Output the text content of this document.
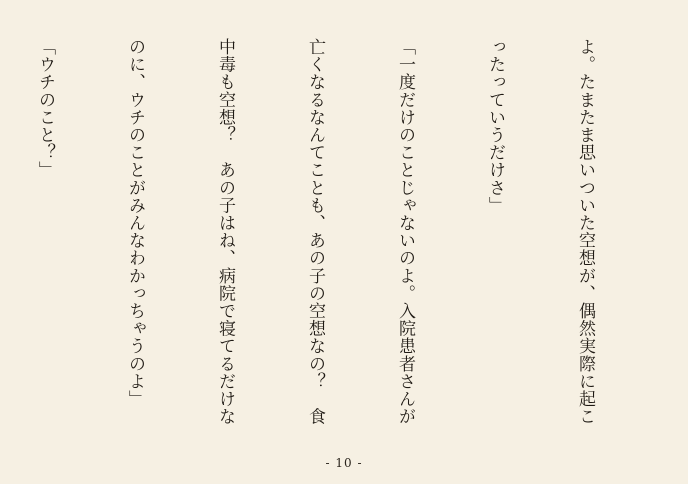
よ。たまたま思いついた空想が、偶然実際に起こ

ったっていうだけさ」

「一度だけのことじゃないのよ。入院患者さんが

亡くなるなんてことも、あの子の空想なの？　食

中毒も空想？　あの子はね、病院で寝てるだけな

のに、ウチのことがみんなわかっちゃうのよ」

「ウチのこと？」

- 10 -
